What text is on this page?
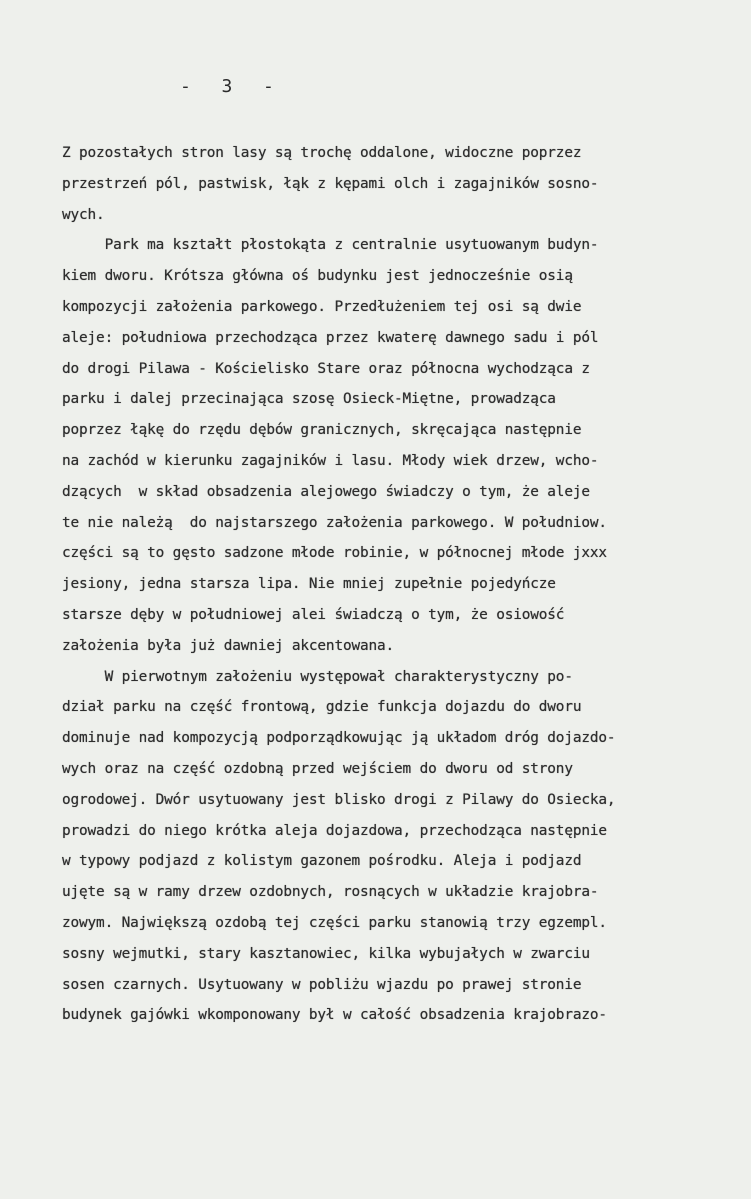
-  3  -
Z pozostałych stron lasy są trochę oddalone, widoczne poprzez
przestrzeń pól, pastwisk, łąk z kępami olch i zagajników sosno-
wych.
Park ma kształt płostokąta z centralnie usytuowanym budyn-
kiem dworu. Krótsza główna oś budynku jest jednocześnie osią
kompozycji założenia parkowego. Przedłużeniem tej osi są dwie
aleje: południowa przechodząca przez kwaterę dawnego sadu i pól
do drogi Pilawa - Kościelisko Stare oraz północna wychodząca z
parku i dalej przecinająca szosę Osieck-Miętne, prowadząca
poprzez łąkę do rzędu dębów granicznych, skręcająca następnie
na zachód w kierunku zagajników i lasu. Młody wiek drzew, wcho-
dzących  w skład obsadzenia alejowego świadczy o tym, że aleje
te nie należą  do najstarszego założenia parkowego. W południow.
części są to gęsto sadzone młode robinie, w północnej młode jxxx
jesiony, jedna starsza lipa. Nie mniej zupełnie pojedyńcze
starsze dęby w południowej alei świadczą o tym, że osiowość
założenia była już dawniej akcentowana.
W pierwotnym założeniu występował charakterystyczny po-
dział parku na część frontową, gdzie funkcja dojazdu do dworu
dominuje nad kompozycją podporządkowując ją układom dróg dojazdo-
wych oraz na część ozdobną przed wejściem do dworu od strony
ogrodowej. Dwór usytuowany jest blisko drogi z Pilawy do Osiecka,
prowadzi do niego krótka aleja dojazdowa, przechodząca następnie
w typowy podjazd z kolistym gazonem pośrodku. Aleja i podjazd
ujęte są w ramy drzew ozdobnych, rosnących w układzie krajobra-
zowym. Największą ozdobą tej części parku stanowią trzy egzempl.
sosny wejmutki, stary kasztanowiec, kilka wybujałych w zwarciu
sosen czarnych. Usytuowany w pobliżu wjazdu po prawej stronie
budynek gajówki wkomponowany był w całość obsadzenia krajobrazo-
